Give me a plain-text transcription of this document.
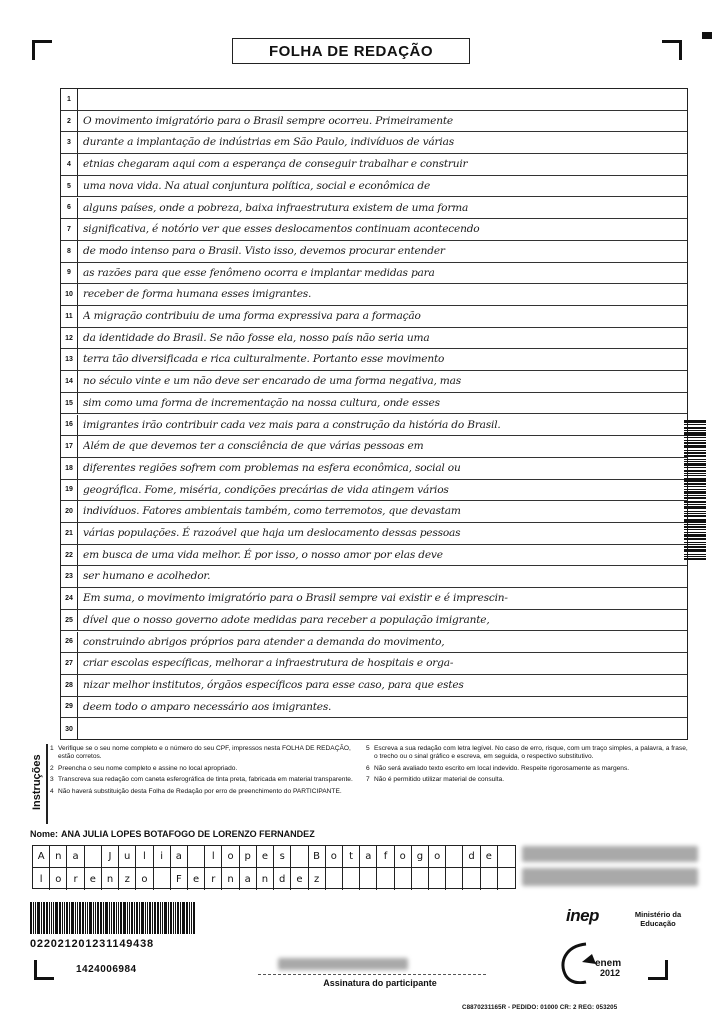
FOLHA DE REDAÇÃO
1
2	O movimento imigratório para o Brasil sempre ocorreu. Primeiramente
3	durante a implantação de indústrias em São Paulo, indivíduos de várias
4	etnias chegaram aqui com a esperança de conseguir trabalhar e construir
5	uma nova vida. Na atual conjuntura política, social e econômica de
6	alguns países, onde a pobreza, baixa infraestrutura existem de uma forma
7	significativa, é notório ver que esses deslocamentos continuam acontecendo
8	de modo intenso para o Brasil. Visto isso, devemos procurar entender
9	as razões para que esse fenômeno ocorra e implantar medidas para
10 receber de forma humana esses imigrantes.
11 A migração contribuiu de uma forma expressiva para a formação
12 da identidade do Brasil. Se não fosse ela, nosso país não seria uma
13 terra tão diversificada e rica culturalmente. Portanto esse movimento
14 no século vinte e um não deve ser encarado de uma forma negativa, mas
15 sim como uma forma de incrementação na nossa cultura, onde esses
16 imigrantes irão contribuir cada vez mais para a construção da história do Brasil.
17 Além de que devemos ter a consciência de que várias pessoas em
18 diferentes regiões sofrem com problemas na esfera econômica, social ou
19 geográfica. Fome, miséria, condições precárias de vida atingem vários
20 indivíduos. Fatores ambientais também, como terremotos, que devastam
21 várias populações. É razoável que haja um deslocamento dessas pessoas
22 em busca de uma vida melhor. É por isso, o nosso amor por elas deve
23 ser humano e acolhedor.
24 Em suma, o movimento imigratório para o Brasil sempre vai existir e é imprescin-
25 dível que o nosso governo adote medidas para receber a população imigrante,
26 construindo abrigos próprios para atender a demanda do movimento,
27 criar escolas específicas, melhorar a infraestrutura de hospitais e orga-
28 nizar melhor institutos, órgãos específicos para esse caso, para que estes
29 deem todo o amparo necessário aos imigrantes.
30
Instruções
1 Verifique se o seu nome completo e o número do seu CPF, impressos nesta FOLHA DE REDAÇÃO, estão corretos.
2 Preencha o seu nome completo e assine no local apropriado.
3 Transcreva sua redação com caneta esferográfica de tinta preta, fabricada em material transparente.
4 Não haverá substituição desta Folha de Redação por erro de preenchimento do PARTICIPANTE.
5 Escreva a sua redação com letra legível. No caso de erro, risque, com um traço simples, a palavra, a frase, o trecho ou o sinal gráfico e escreva, em seguida, o respectivo substitutivo.
6 Não será avaliado texto escrito em local indevido. Respeite rigorosamente as margens.
7 Não é permitido utilizar material de consulta.
Nome: ANA JULIA LOPES BOTAFOGO DE LORENZO FERNANDEZ
A	n	a	J	u	l	i	a	l	o	p	e	s	B	o	t	a	f	o	g	o	d	e
l	o	r	e	n	z	o	F	e	r	n	a	n	d	e	z
022021201231149438
1424006984
Assinatura do participante
inep	Ministério da Educação
enem
2012
C8870231165R - PEDIDO: 01000 CR: 2 REG: 053205
